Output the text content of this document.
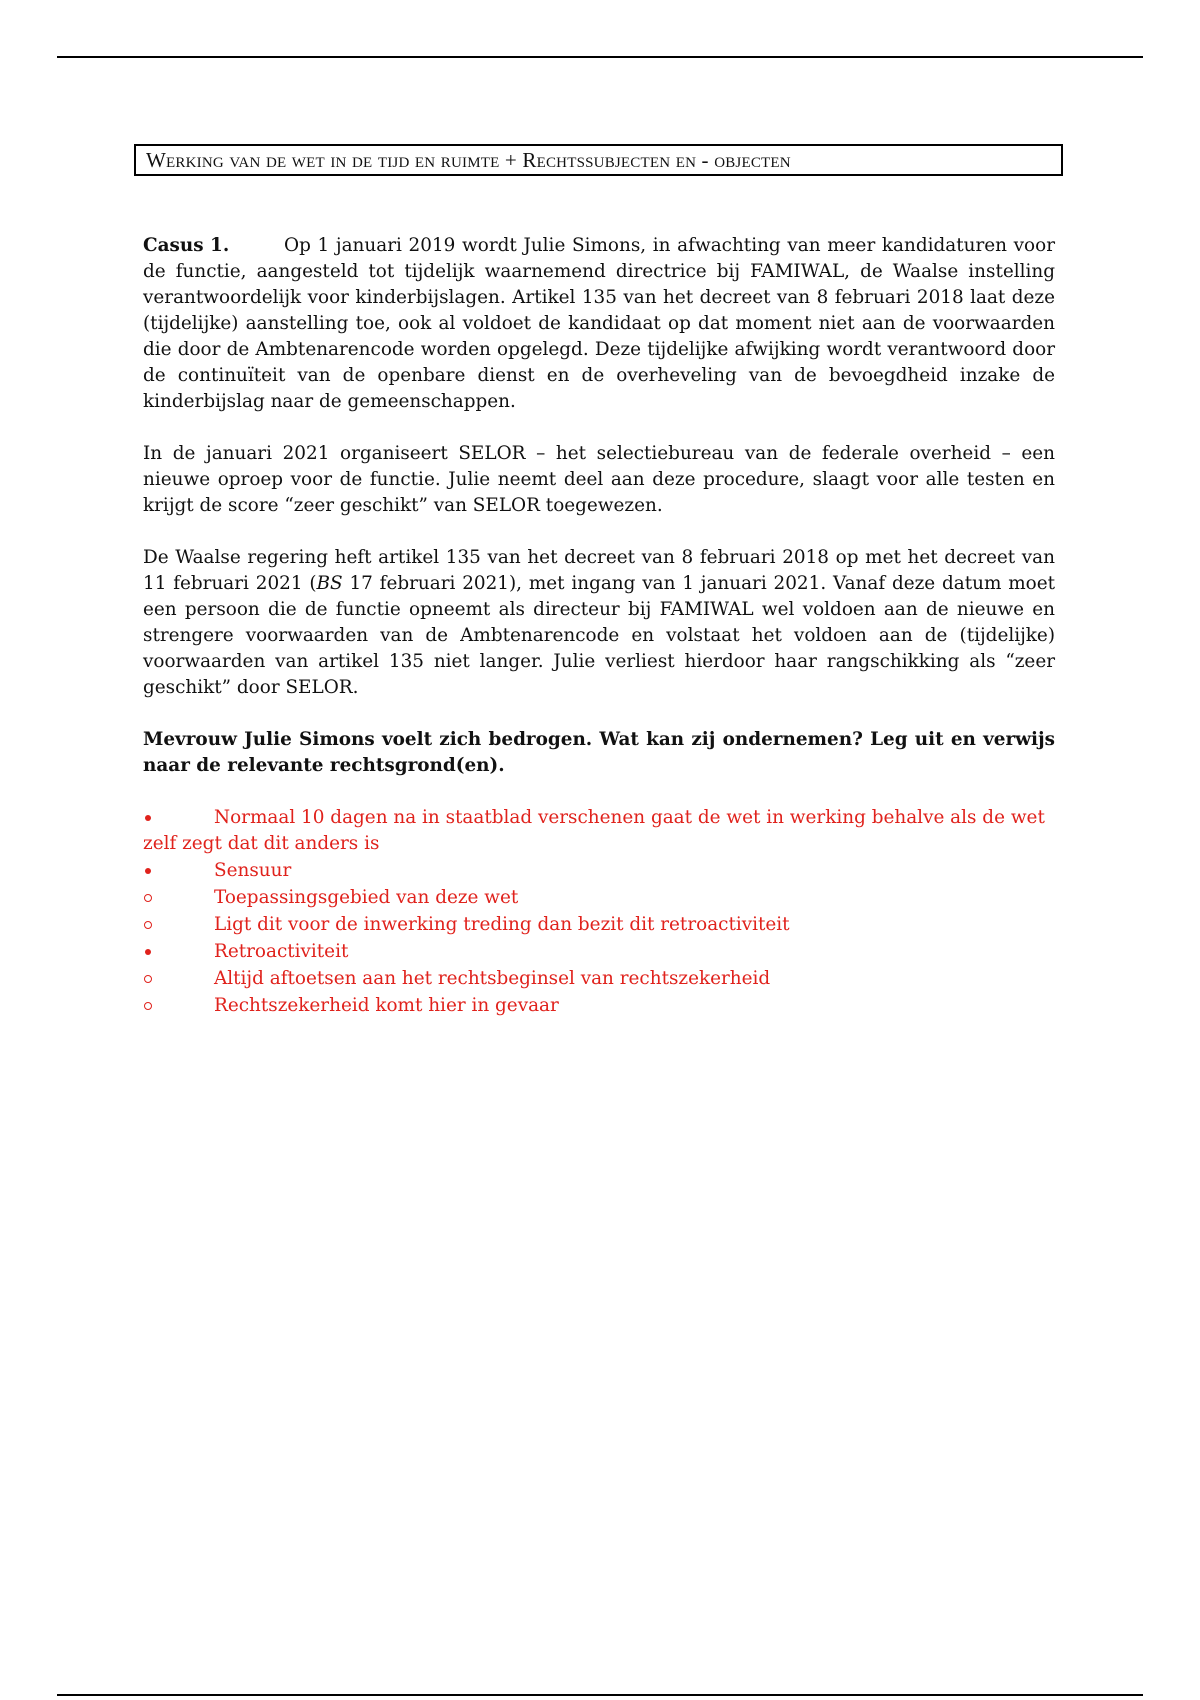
Werking van de wet in de tijd en ruimte + Rechtssubjecten en - objecten

Casus 1.	Op 1 januari 2019 wordt Julie Simons, in afwachting van meer kandidaturen voor de functie, aangesteld tot tijdelijk waarnemend directrice bij FAMIWAL, de Waalse instelling verantwoordelijk voor kinderbijslagen. Artikel 135 van het decreet van 8 februari 2018 laat deze (tijdelijke) aanstelling toe, ook al voldoet de kandidaat op dat moment niet aan de voorwaarden die door de Ambtenarencode worden opgelegd. Deze tijdelijke afwijking wordt verantwoord door de continuïteit van de openbare dienst en de overheveling van de bevoegdheid inzake de kinderbijslag naar de gemeenschappen.

In de januari 2021 organiseert SELOR – het selectiebureau van de federale overheid – een nieuwe oproep voor de functie. Julie neemt deel aan deze procedure, slaagt voor alle testen en krijgt de score “zeer geschikt” van SELOR toegewezen.

De Waalse regering heft artikel 135 van het decreet van 8 februari 2018 op met het decreet van 11 februari 2021 (BS 17 februari 2021), met ingang van 1 januari 2021. Vanaf deze datum moet een persoon die de functie opneemt als directeur bij FAMIWAL wel voldoen aan de nieuwe en strengere voorwaarden van de Ambtenarencode en volstaat het voldoen aan de (tijdelijke) voorwaarden van artikel 135 niet langer. Julie verliest hierdoor haar rangschikking als “zeer geschikt” door SELOR.

Mevrouw Julie Simons voelt zich bedrogen. Wat kan zij ondernemen? Leg uit en verwijs naar de relevante rechtsgrond(en).

Normaal 10 dagen na in staatblad verschenen gaat de wet in werking behalve als de wet zelf zegt dat dit anders is
Sensuur
Toepassingsgebied van deze wet
Ligt dit voor de inwerking treding dan bezit dit retroactiviteit
Retroactiviteit
Altijd aftoetsen aan het rechtsbeginsel van rechtszekerheid
Rechtszekerheid komt hier in gevaar
